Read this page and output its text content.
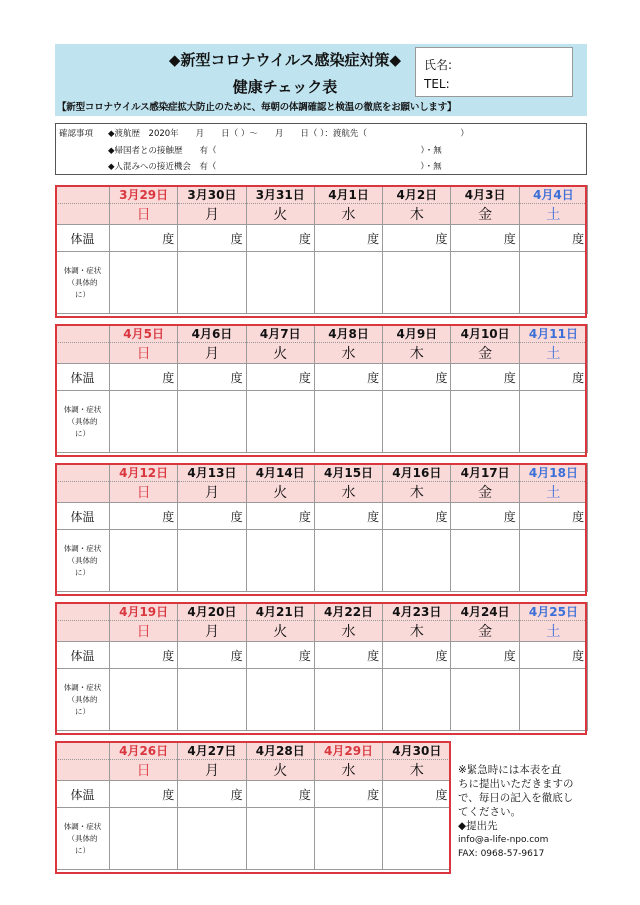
◆新型コロナウイルス感染症対策◆
健康チェック表
【新型コロナウイルス感染症拡大防止のために、毎朝の体調確認と検温の徹底をお願いします】
氏名:
TEL:
確認事項 ◆渡航歴　2020年　　月　　日（ ）～　　月　　日（ ）：渡航先（　　　　　　　　　　　）
◆帰国者との接触歴　　有（　　　　　　　　　　　　　　　　　　　　　　　　）・無
◆人混みへの接近機会　有（　　　　　　　　　　　　　　　　　　　　　　　　）・無
	3月29日	3月30日	3月31日	4月1日	4月2日	4月3日	4月4日
	日	月	火	水	木	金	土
体温	度	度	度	度	度	度	度

体調・症状
（具体的
に）							

	4月5日	4月6日	4月7日	4月8日	4月9日	4月10日	4月11日
	日	月	火	水	木	金	土
体温	度	度	度	度	度	度	度

体調・症状
（具体的
に）							

	4月12日	4月13日	4月14日	4月15日	4月16日	4月17日	4月18日
	日	月	火	水	木	金	土
体温	度	度	度	度	度	度	度

体調・症状
（具体的
に）							

	4月19日	4月20日	4月21日	4月22日	4月23日	4月24日	4月25日
	日	月	火	水	木	金	土
体温	度	度	度	度	度	度	度

体調・症状
（具体的
に）							

	4月26日	4月27日	4月28日	4月29日	4月30日
	日	月	火	水	木
体温	度	度	度	度	度

体調・症状
（具体的
に）					

※緊急時には本表を直
ちに提出いただきますの
で、毎日の記入を徹底し
てください。
◆提出先
info@a-life-npo.com
FAX: 0968-57-9617
